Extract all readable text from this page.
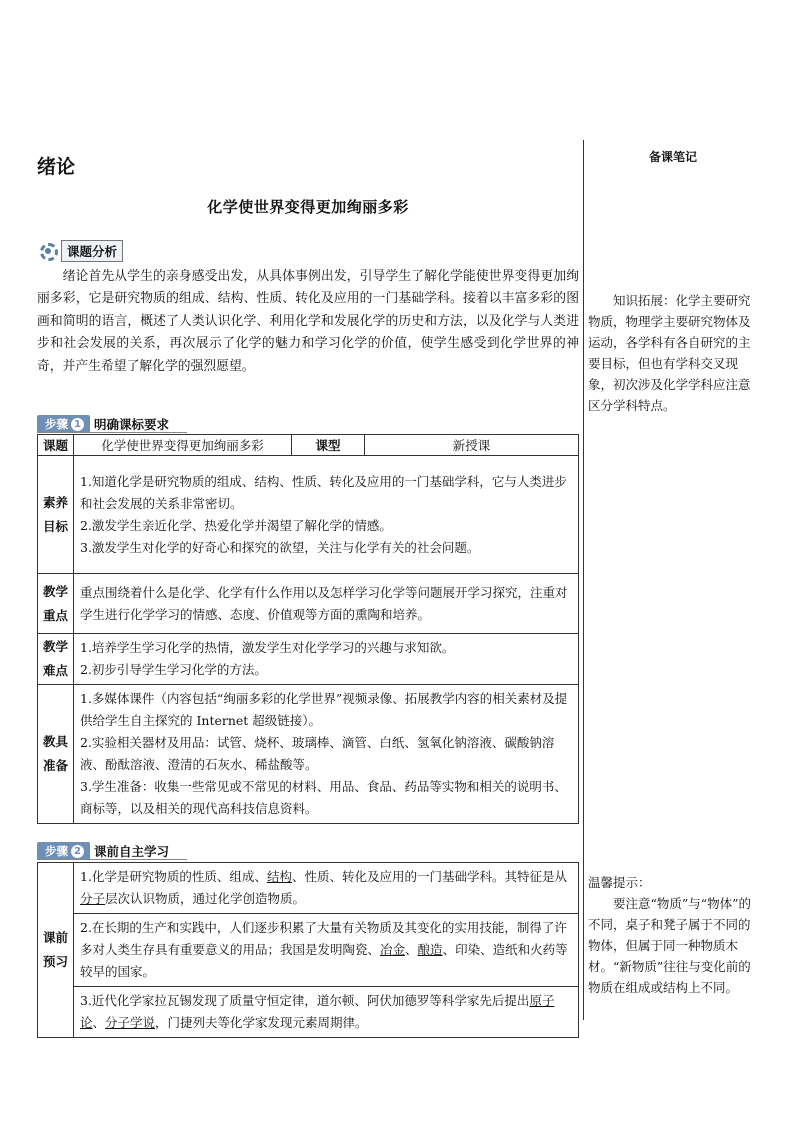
绪论
化学使世界变得更加绚丽多彩
课题分析
绪论首先从学生的亲身感受出发，从具体事例出发，引导学生了解化学能使世界变得更加绚丽多彩，它是研究物质的组成、结构、性质、转化及应用的一门基础学科。接着以丰富多彩的图画和简明的语言，概述了人类认识化学、利用化学和发展化学的历史和方法，以及化学与人类进步和社会发展的关系，再次展示了化学的魅力和学习化学的价值，使学生感受到化学世界的神奇，并产生希望了解化学的强烈愿望。
步骤 1 明确课标要求
课题	化学使世界变得更加绚丽多彩	课型	新授课
素养目标	1.知道化学是研究物质的组成、结构、性质、转化及应用的一门基础学科，它与人类进步和社会发展的关系非常密切。

2.激发学生亲近化学、热爱化学并渴望了解化学的情感。

3.激发学生对化学的好奇心和探究的欲望，关注与化学有关的社会问题。		

教学重点	重点围绕着什么是化学、化学有什么作用以及怎样学习化学等问题展开学习探究，注重对学生进行化学学习的情感、态度、价值观等方面的熏陶和培养。		

教学难点	1.培养学生学习化学的热情，激发学生对化学学习的兴趣与求知欲。

2.初步引导学生学习化学的方法。		

教具准备	1.多媒体课件（内容包括“绚丽多彩的化学世界”视频录像、拓展教学内容的相关素材及提供给学生自主探究的 Internet 超级链接）。

2.实验相关器材及用品：试管、烧杯、玻璃棒、滴管、白纸、氢氧化钠溶液、碳酸钠溶液、酚酞溶液、澄清的石灰水、稀盐酸等。

3.学生准备：收集一些常见或不常见的材料、用品、食品、药品等实物和相关的说明书、商标等，以及相关的现代高科技信息资料。		

步骤 2 课前自主学习
课前预习	1.化学是研究物质的性质、组成、结构、性质、转化及应用的一门基础学科。其特征是从分子层次认识物质，通过化学创造物质。
2.在长期的生产和实践中，人们逐步积累了大量有关物质及其变化的实用技能，制得了许多对人类生存具有重要意义的用品；我国是发明陶瓷、冶金、酿造、印染、造纸和火药等较早的国家。
3.近代化学家拉瓦锡发现了质量守恒定律，道尔顿、阿伏加德罗等科学家先后提出原子论、分子学说，门捷列夫等化学家发现元素周期律。
备课笔记
知识拓展：化学主要研究物质，物理学主要研究物体及运动，各学科有各自研究的主要目标，但也有学科交叉现象，初次涉及化学学科应注意区分学科特点。
温馨提示：
要注意“物质”与“物体”的不同，桌子和凳子属于不同的物体，但属于同一种物质木材。“新物质”往往与变化前的物质在组成或结构上不同。
